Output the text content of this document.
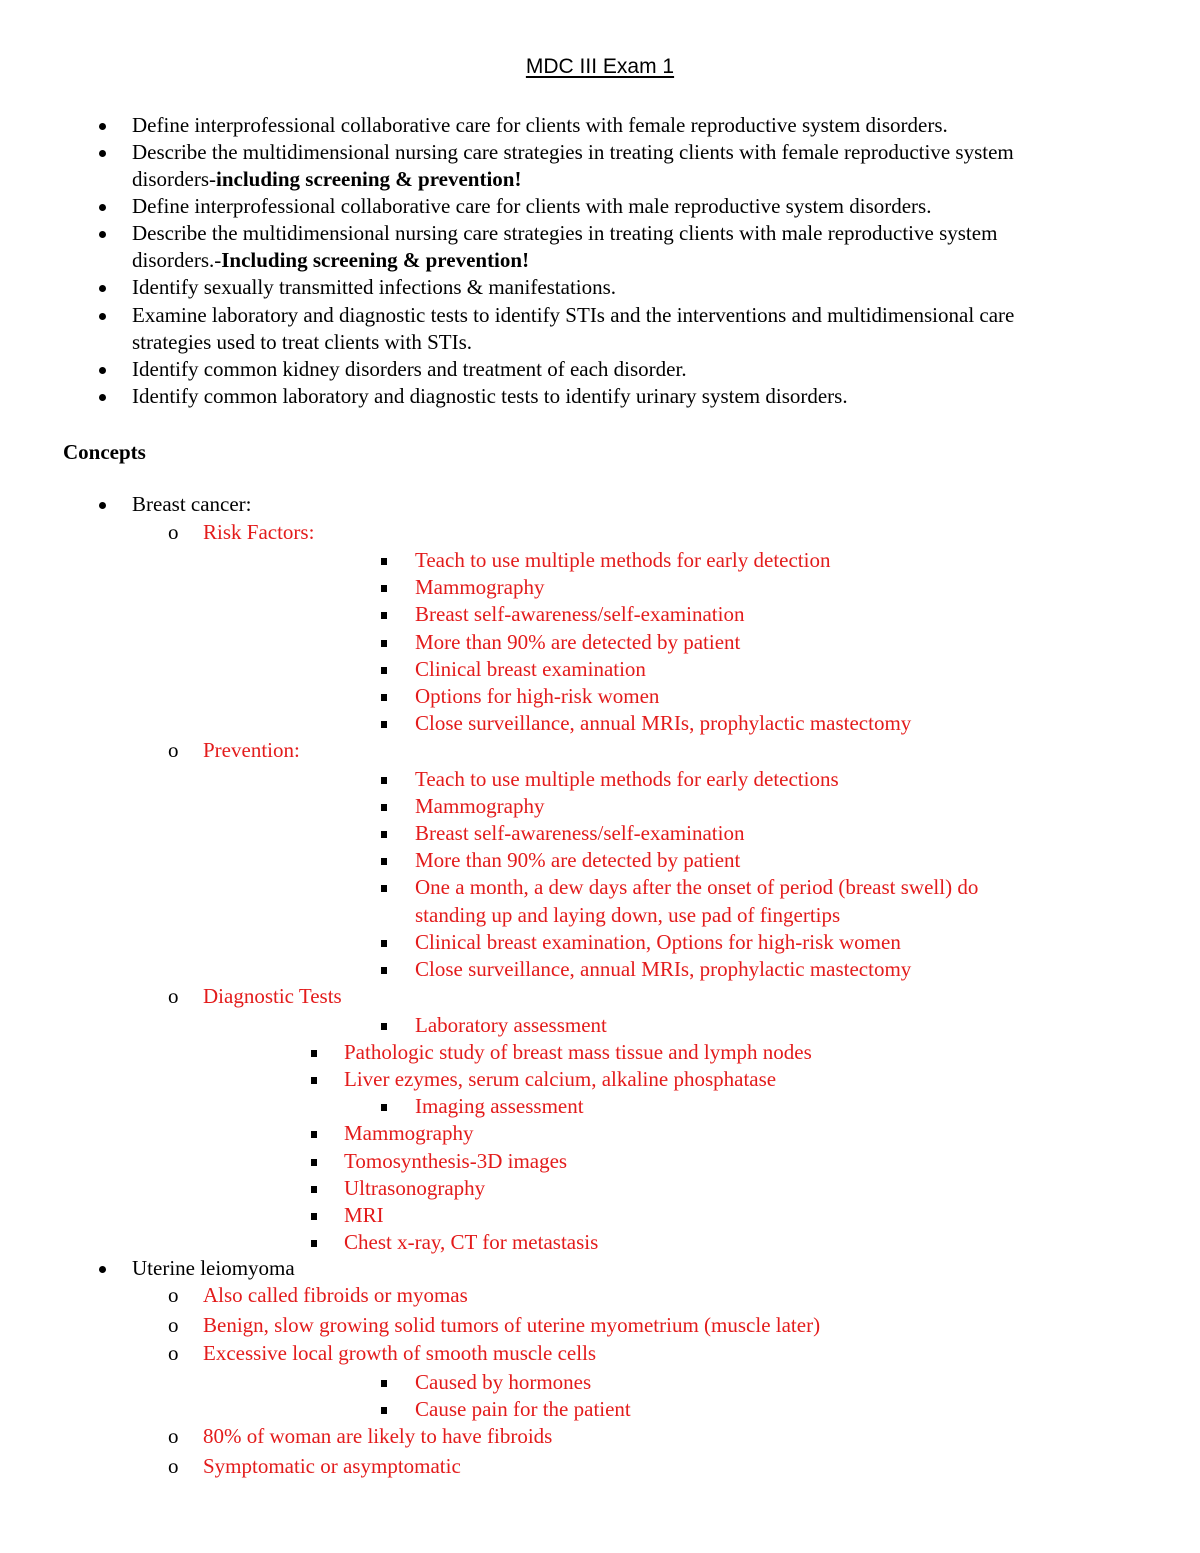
MDC III Exam 1
Define interprofessional collaborative care for clients with female reproductive system disorders.
Describe the multidimensional nursing care strategies in treating clients with female reproductive system
disorders-including screening & prevention!
Define interprofessional collaborative care for clients with male reproductive system disorders.
Describe the multidimensional nursing care strategies in treating clients with male reproductive system
disorders.-Including screening & prevention!
Identify sexually transmitted infections & manifestations.
Examine laboratory and diagnostic tests to identify STIs and the interventions and multidimensional care
strategies used to treat clients with STIs.
Identify common kidney disorders and treatment of each disorder.
Identify common laboratory and diagnostic tests to identify urinary system disorders.
Concepts
Breast cancer:
o Risk Factors:
Teach to use multiple methods for early detection
Mammography
Breast self-awareness/self-examination
More than 90% are detected by patient
Clinical breast examination
Options for high-risk women
Close surveillance, annual MRIs, prophylactic mastectomy
o Prevention:
Teach to use multiple methods for early detections
Mammography
Breast self-awareness/self-examination
More than 90% are detected by patient
One a month, a dew days after the onset of period (breast swell) do
standing up and laying down, use pad of fingertips
Clinical breast examination, Options for high-risk women
Close surveillance, annual MRIs, prophylactic mastectomy
o Diagnostic Tests
Laboratory assessment
Pathologic study of breast mass tissue and lymph nodes
Liver ezymes, serum calcium, alkaline phosphatase
Imaging assessment
Mammography
Tomosynthesis-3D images
Ultrasonography
MRI
Chest x-ray, CT for metastasis
Uterine leiomyoma
o Also called fibroids or myomas
o Benign, slow growing solid tumors of uterine myometrium (muscle later)
o Excessive local growth of smooth muscle cells
Caused by hormones
Cause pain for the patient
o 80% of woman are likely to have fibroids
o Symptomatic or asymptomatic
